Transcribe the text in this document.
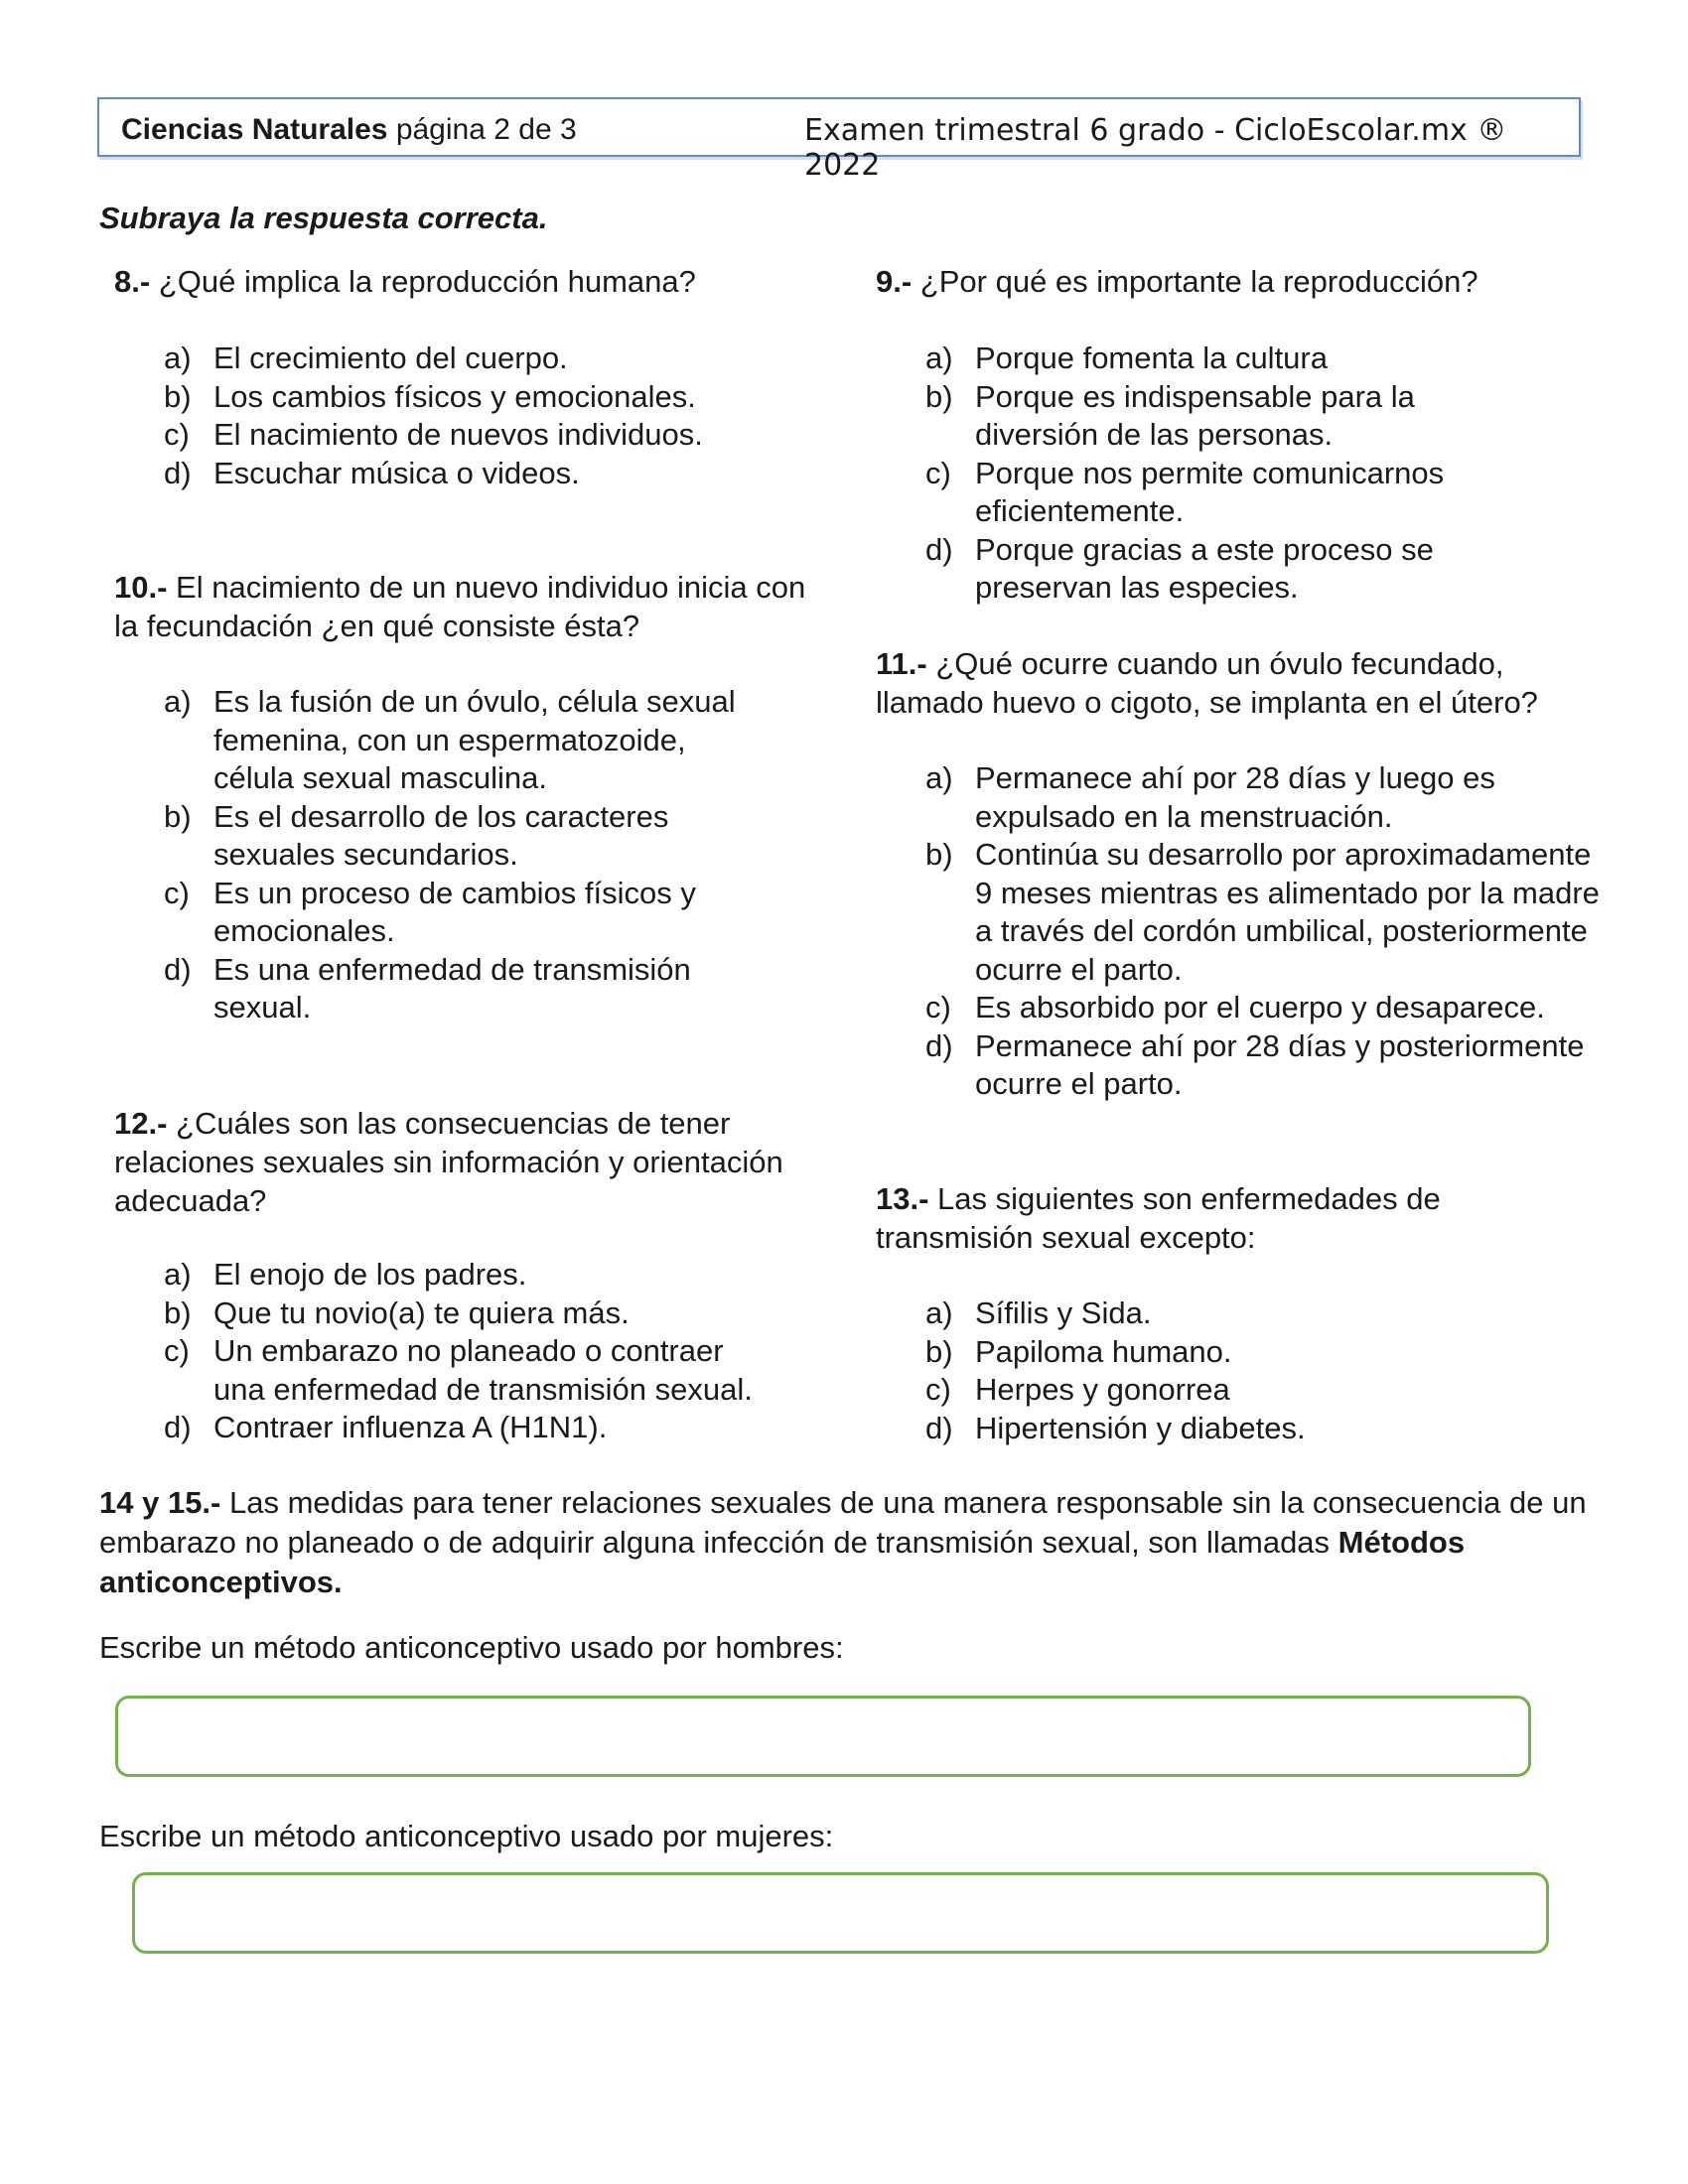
Ciencias Naturales página 2 de 3	Examen trimestral 6 grado - CicloEscolar.mx ® 2022
Subraya la respuesta correcta.
8.- ¿Qué implica la reproducción humana?
a) El crecimiento del cuerpo.
b) Los cambios físicos y emocionales.
c) El nacimiento de nuevos individuos.
d) Escuchar música o videos.
9.- ¿Por qué es importante la reproducción?
a) Porque fomenta la cultura
b) Porque es indispensable para la diversión de las personas.
c) Porque nos permite comunicarnos eficientemente.
d) Porque gracias a este proceso se preservan las especies.
10.- El nacimiento de un nuevo individuo inicia con la fecundación ¿en qué consiste ésta?
a) Es la fusión de un óvulo, célula sexual femenina, con un espermatozoide, célula sexual masculina.
b) Es el desarrollo de los caracteres sexuales secundarios.
c) Es un proceso de cambios físicos y emocionales.
d) Es una enfermedad de transmisión sexual.
11.- ¿Qué ocurre cuando un óvulo fecundado, llamado huevo o cigoto, se implanta en el útero?
a) Permanece ahí por 28 días y luego es expulsado en la menstruación.
b) Continúa su desarrollo por aproximadamente 9 meses mientras es alimentado por la madre a través del cordón umbilical, posteriormente ocurre el parto.
c) Es absorbido por el cuerpo y desaparece.
d) Permanece ahí por 28 días y posteriormente ocurre el parto.
12.- ¿Cuáles son las consecuencias de tener relaciones sexuales sin información y orientación adecuada?
a) El enojo de los padres.
b) Que tu novio(a) te quiera más.
c) Un embarazo no planeado o contraer una enfermedad de transmisión sexual.
d) Contraer influenza A (H1N1).
13.- Las siguientes son enfermedades de transmisión sexual excepto:
a) Sífilis y Sida.
b) Papiloma humano.
c) Herpes y gonorrea
d) Hipertensión y diabetes.
14 y 15.- Las medidas para tener relaciones sexuales de una manera responsable sin la consecuencia de un embarazo no planeado o de adquirir alguna infección de transmisión sexual, son llamadas Métodos anticonceptivos.
Escribe un método anticonceptivo usado por hombres:
Escribe un método anticonceptivo usado por mujeres:
